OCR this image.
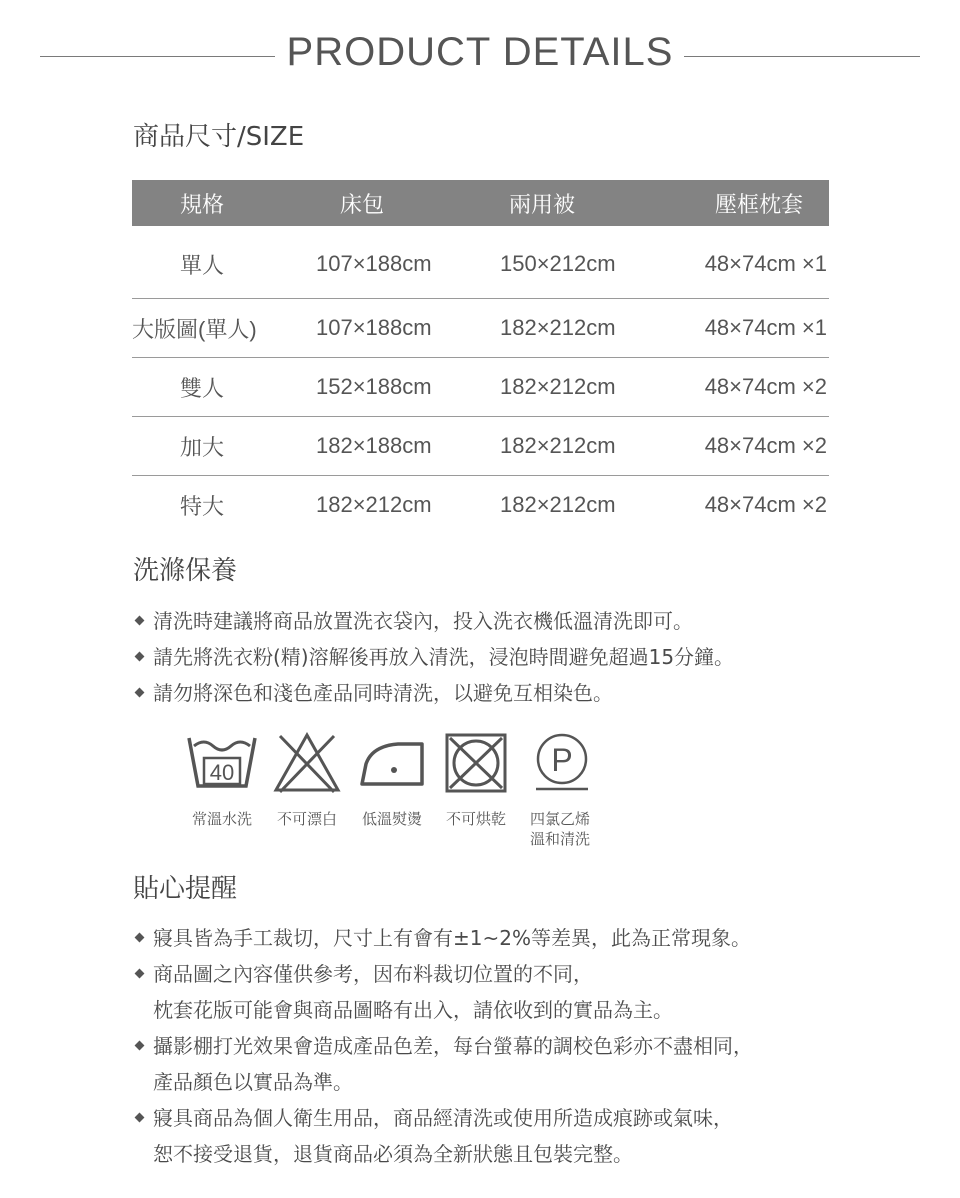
PRODUCT DETAILS
商品尺寸/SIZE
規格	床包	兩用被	壓框枕套
單人	107×188cm	150×212cm	48×74cm ×1
大版圖(單人)	107×188cm	182×212cm	48×74cm ×1
雙人	152×188cm	182×212cm	48×74cm ×2
加大	182×188cm	182×212cm	48×74cm ×2
特大	182×212cm	182×212cm	48×74cm ×2
洗滌保養
清洗時建議將商品放置洗衣袋內，投入洗衣機低溫清洗即可。
請先將洗衣粉(精)溶解後再放入清洗，浸泡時間避免超過15分鐘。
請勿將深色和淺色產品同時清洗，以避免互相染色。
40	P
常溫水洗	不可漂白	低溫熨燙	不可烘乾	四氯乙烯
溫和清洗
貼心提醒
寢具皆為手工裁切，尺寸上有會有±1~2%等差異，此為正常現象。
商品圖之內容僅供參考，因布料裁切位置的不同，
枕套花版可能會與商品圖略有出入，請依收到的實品為主。
攝影棚打光效果會造成產品色差，每台螢幕的調校色彩亦不盡相同，
產品顏色以實品為準。
寢具商品為個人衛生用品，商品經清洗或使用所造成痕跡或氣味，
恕不接受退貨，退貨商品必須為全新狀態且包裝完整。
